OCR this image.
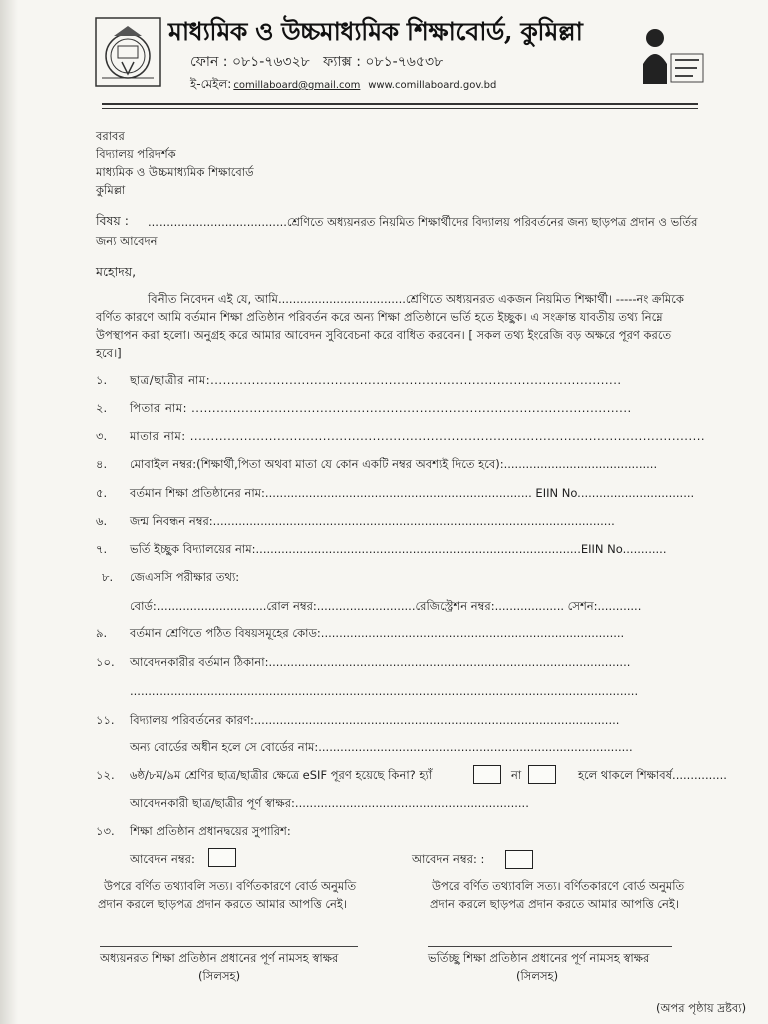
মাধ্যমিক ও উচ্চমাধ্যমিক শিক্ষাবোর্ড, কুমিল্লা
ফোন : ০৮১-৭৬৩২৮ ফ্যাক্স : ০৮১-৭৬৫৩৮
ই-মেইল: comillaboard@gmail.com www.comillaboard.gov.bd
বরাবর
বিদ্যালয় পরিদর্শক
মাধ্যমিক ও উচ্চমাধ্যমিক শিক্ষাবোর্ড
কুমিল্লা
বিষয় : ......................................শ্রেণিতে অধ্যয়নরত নিয়মিত শিক্ষার্থীদের বিদ্যালয় পরিবর্তনের জন্য ছাড়পত্র প্রদান ও ভর্তির
জন্য আবেদন
মহোদয়,
বিনীত নিবেদন এই যে, আমি...................................শ্রেণিতে অধ্যয়নরত একজন নিয়মিত শিক্ষার্থী। -----নং ক্রমিকে
বর্ণিত কারণে আমি বর্তমান শিক্ষা প্রতিষ্ঠান পরিবর্তন করে অন্য শিক্ষা প্রতিষ্ঠানে ভর্তি হতে ইচ্ছুক। এ সংক্রান্ত যাবতীয় তথ্য নিম্নে
উপস্থাপন করা হলো। অনুগ্রহ করে আমার আবেদন সুবিবেচনা করে বাধিত করবেন। [ সকল তথ্য ইংরেজি বড় অক্ষরে পূরণ করতে
হবে।]
১. ছাত্র/ছাত্রীর নাম:...................................................................................................
২. পিতার নাম: ..........................................................................................................
৩. মাতার নাম: ............................................................................................................................
৪. মোবাইল নম্বর:(শিক্ষার্থী,পিতা অথবা মাতা যে কোন একটি নম্বর অবশ্যই দিতে হবে):..........................................
৫. বর্তমান শিক্ষা প্রতিষ্ঠানের নাম:......................................................................... EIIN No................................
৬. জন্ম নিবন্ধন নম্বর:..............................................................................................................
৭. ভর্তি ইচ্ছুক বিদ্যালয়ের নাম:.........................................................................................EIIN No............
৮. জেএসসি পরীক্ষার তথ্য:
বোর্ড:..............................রোল নম্বর:...........................রেজিস্ট্রেশন নম্বর:................... সেশন:............
৯. বর্তমান শ্রেণিতে পঠিত বিষয়সমূহের কোড:...................................................................................
১০. আবেদনকারীর বর্তমান ঠিকানা:...................................................................................................
...........................................................................................................................................
১১. বিদ্যালয় পরিবর্তনের কারণ:....................................................................................................
অন্য বোর্ডের অধীন হলে সে বোর্ডের নাম:......................................................................................
১২. ৬ষ্ঠ/৮ম/৯ম শ্রেণির ছাত্র/ছাত্রীর ক্ষেত্রে eSIF পূরণ হয়েছে কিনা? হ্যাঁ	না	হলে থাকলে শিক্ষাবর্ষ...............
আবেদনকারী ছাত্র/ছাত্রীর পূর্ণ স্বাক্ষর:................................................................
১৩. শিক্ষা প্রতিষ্ঠান প্রধানদ্বয়ের সুপারিশ:
আবেদন নম্বর:	আবেদন নম্বর: :
উপরে বর্ণিত তথ্যাবলি সত্য। বর্ণিতকারণে বোর্ড অনুমতি
প্রদান করলে ছাড়পত্র প্রদান করতে আমার আপত্তি নেই।
উপরে বর্ণিত তথ্যাবলি সত্য। বর্ণিতকারণে বোর্ড অনুমতি
প্রদান করলে ছাড়পত্র প্রদান করতে আমার আপত্তি নেই।
অধ্যয়নরত শিক্ষা প্রতিষ্ঠান প্রধানের পূর্ণ নামসহ স্বাক্ষর
(সিলসহ)
ভর্তিচ্ছু শিক্ষা প্রতিষ্ঠান প্রধানের পূর্ণ নামসহ স্বাক্ষর
(সিলসহ)
(অপর পৃষ্ঠায় দ্রষ্টব্য)
